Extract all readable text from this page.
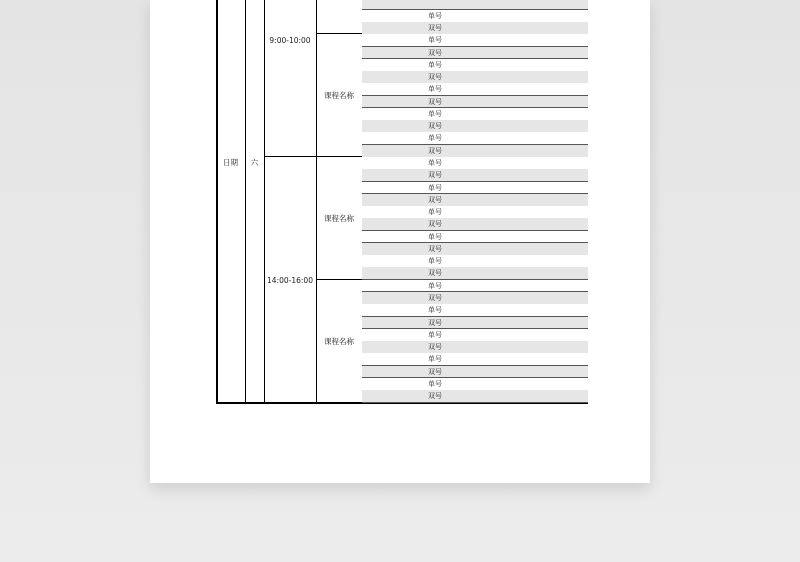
日期	六
9:00-10:00
14:00-16:00
课程名称
课程名称
课程名称
单号
双号
单号
双号
单号
双号
单号
双号
单号
双号
单号
双号
单号
双号
单号
双号
单号
双号
单号
双号
单号
双号
单号
双号
单号
双号
单号
双号
单号
双号
单号
双号
